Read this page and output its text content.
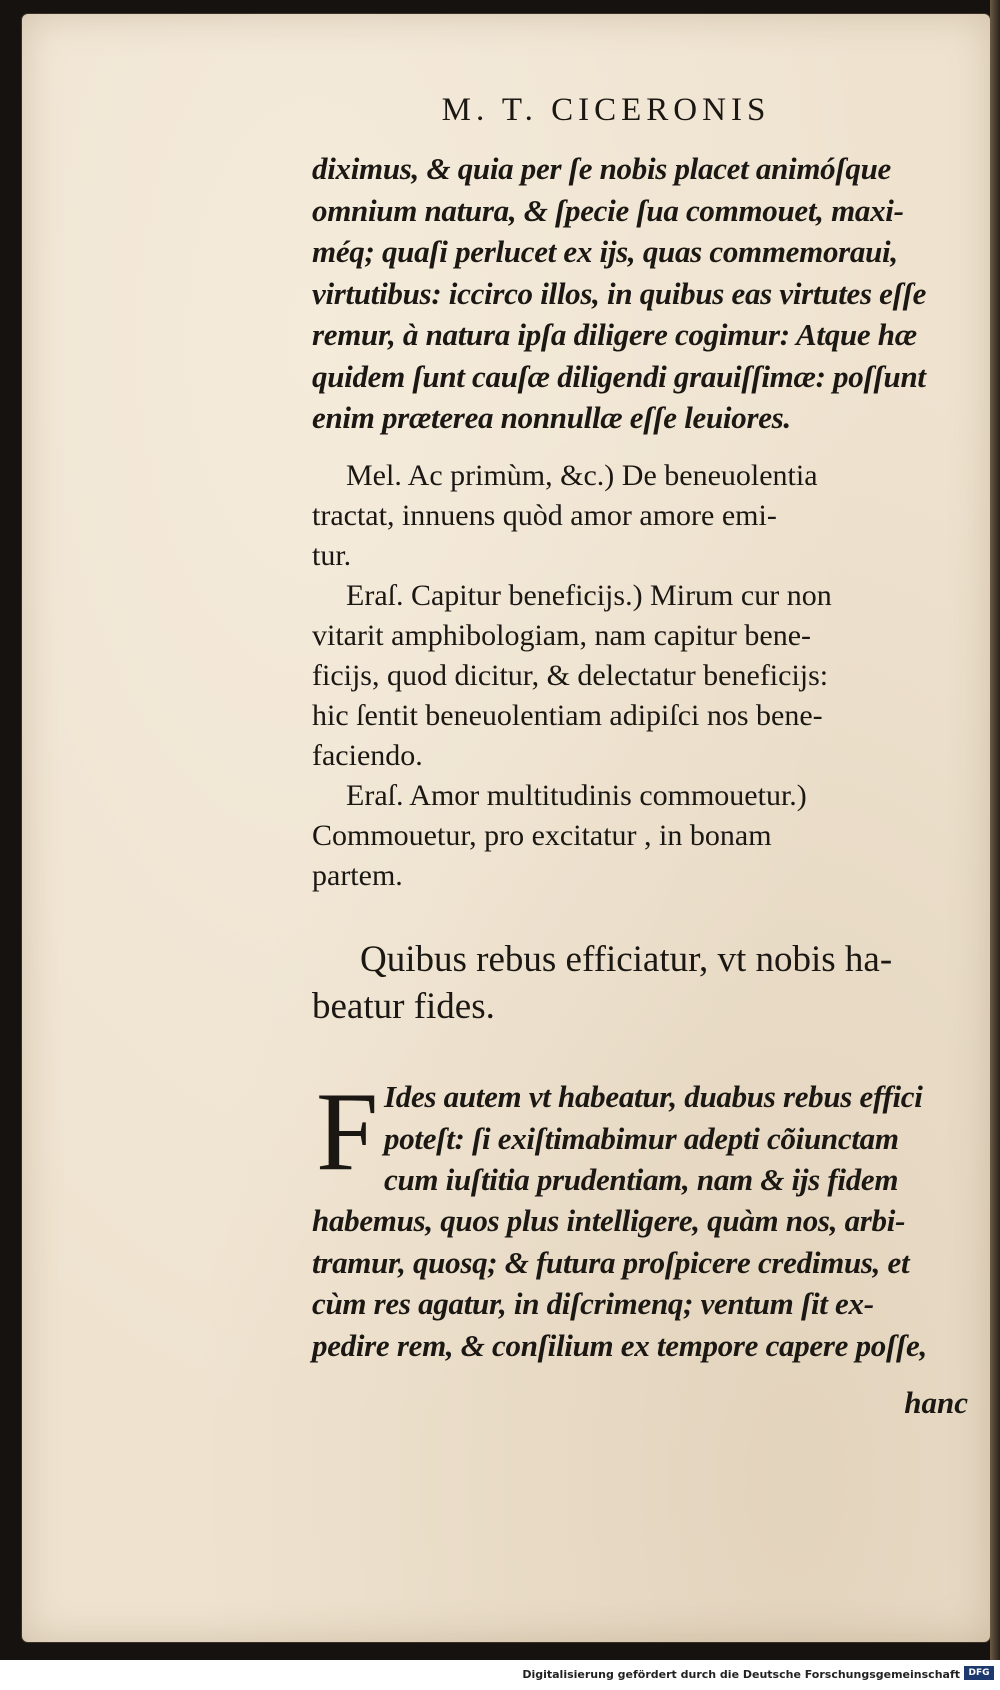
M. T. CICERONIS

diximus, & quia per ſe nobis placet animóſque
omnium natura, & ſpecie ſua commouet, maxi-
méq; quaſi perlucet ex ijs, quas commemoraui,
virtutibus: iccirco illos, in quibus eas virtutes eſſe
remur, à natura ipſa diligere cogimur: Atque hæ
quidem ſunt cauſæ diligendi grauiſſimæ: poſſunt
enim præterea nonnullæ eſſe leuiores.
Mel. Ac primùm, &c.) De beneuolentia
tractat, innuens quòd amor amore emi-
tur.
Eraſ. Capitur beneficijs.) Mirum cur non
vitarit amphibologiam, nam capitur bene-
ficijs, quod dicitur, & delectatur beneficijs:
hic ſentit beneuolentiam adipiſci nos bene-
faciendo.
Eraſ. Amor multitudinis commouetur.)
Commouetur, pro excitatur , in bonam
partem.
Quibus rebus efficiatur, vt nobis ha-
beatur fides.

F Ides autem vt habeatur, duabus rebus effici
poteſt: ſi exiſtimabimur adepti cõiunctam
cum iuſtitia prudentiam, nam & ijs fidem
habemus, quos plus intelligere, quàm nos, arbi-
tramur, quosq; & futura proſpicere credimus, et
cùm res agatur, in diſcrimenq; ventum ſit ex-
pedire rem, & conſilium ex tempore capere poſſe,

hanc

Digitalisierung gefördert durch die Deutsche Forschungsgemeinschaft DFG
